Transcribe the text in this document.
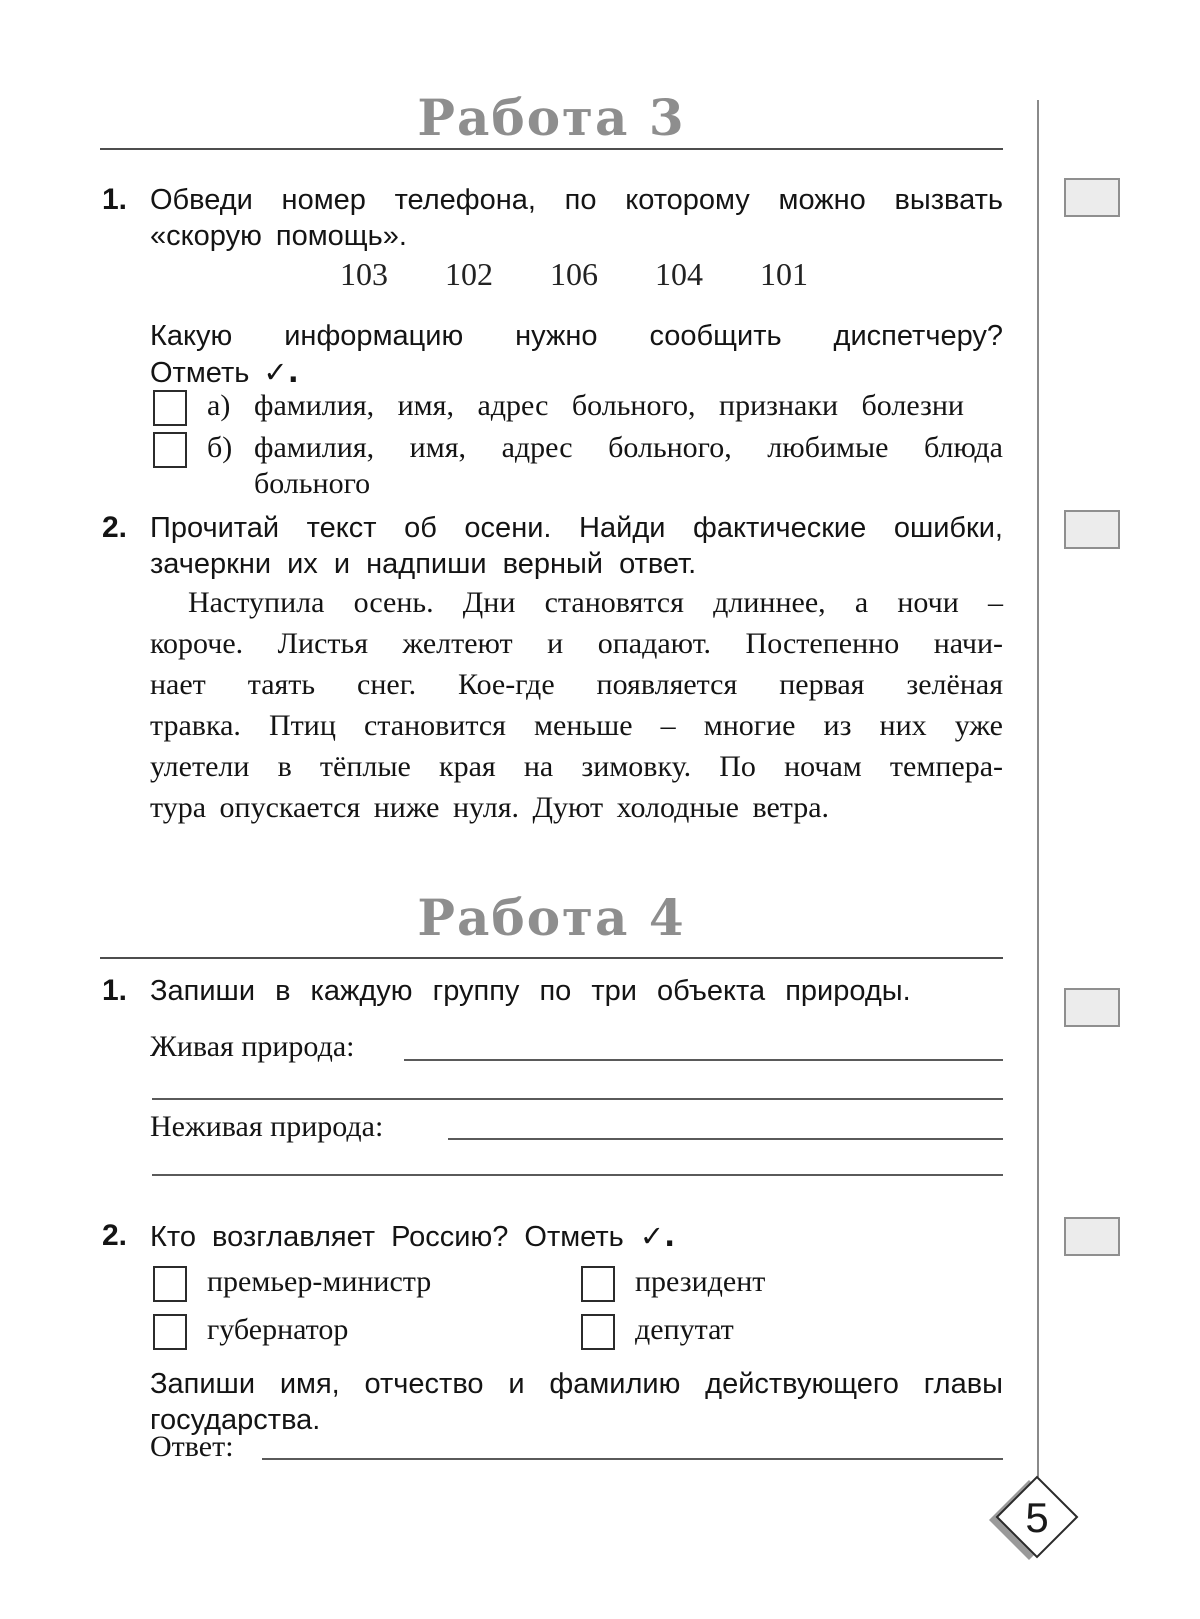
Работа 3
1. Обведи номер телефона, по которому можно вызвать
«скорую помощь».
103 102 106 104 101
Какую информацию нужно сообщить диспетчеру?
Отметь ✓.
а) фамилия, имя, адрес больного, признаки болезни
б) фамилия, имя, адрес больного, любимые блюда
больного
2. Прочитай текст об осени. Найди фактические ошибки,
зачеркни их и надпиши верный ответ.
Наступила осень. Дни становятся длиннее, а ночи –
короче. Листья желтеют и опадают. Постепенно начи-
нает таять снег. Кое-где появляется первая зелёная
травка. Птиц становится меньше – многие из них уже
улетели в тёплые края на зимовку. По ночам темпера-
тура опускается ниже нуля. Дуют холодные ветра.
Работа 4
1. Запиши в каждую группу по три объекта природы.
Живая природа:
Неживая природа:
2. Кто возглавляет Россию? Отметь ✓.
премьер-министр	президент
губернатор	депутат
Запиши имя, отчество и фамилию действующего главы
государства.
Ответ:
5
